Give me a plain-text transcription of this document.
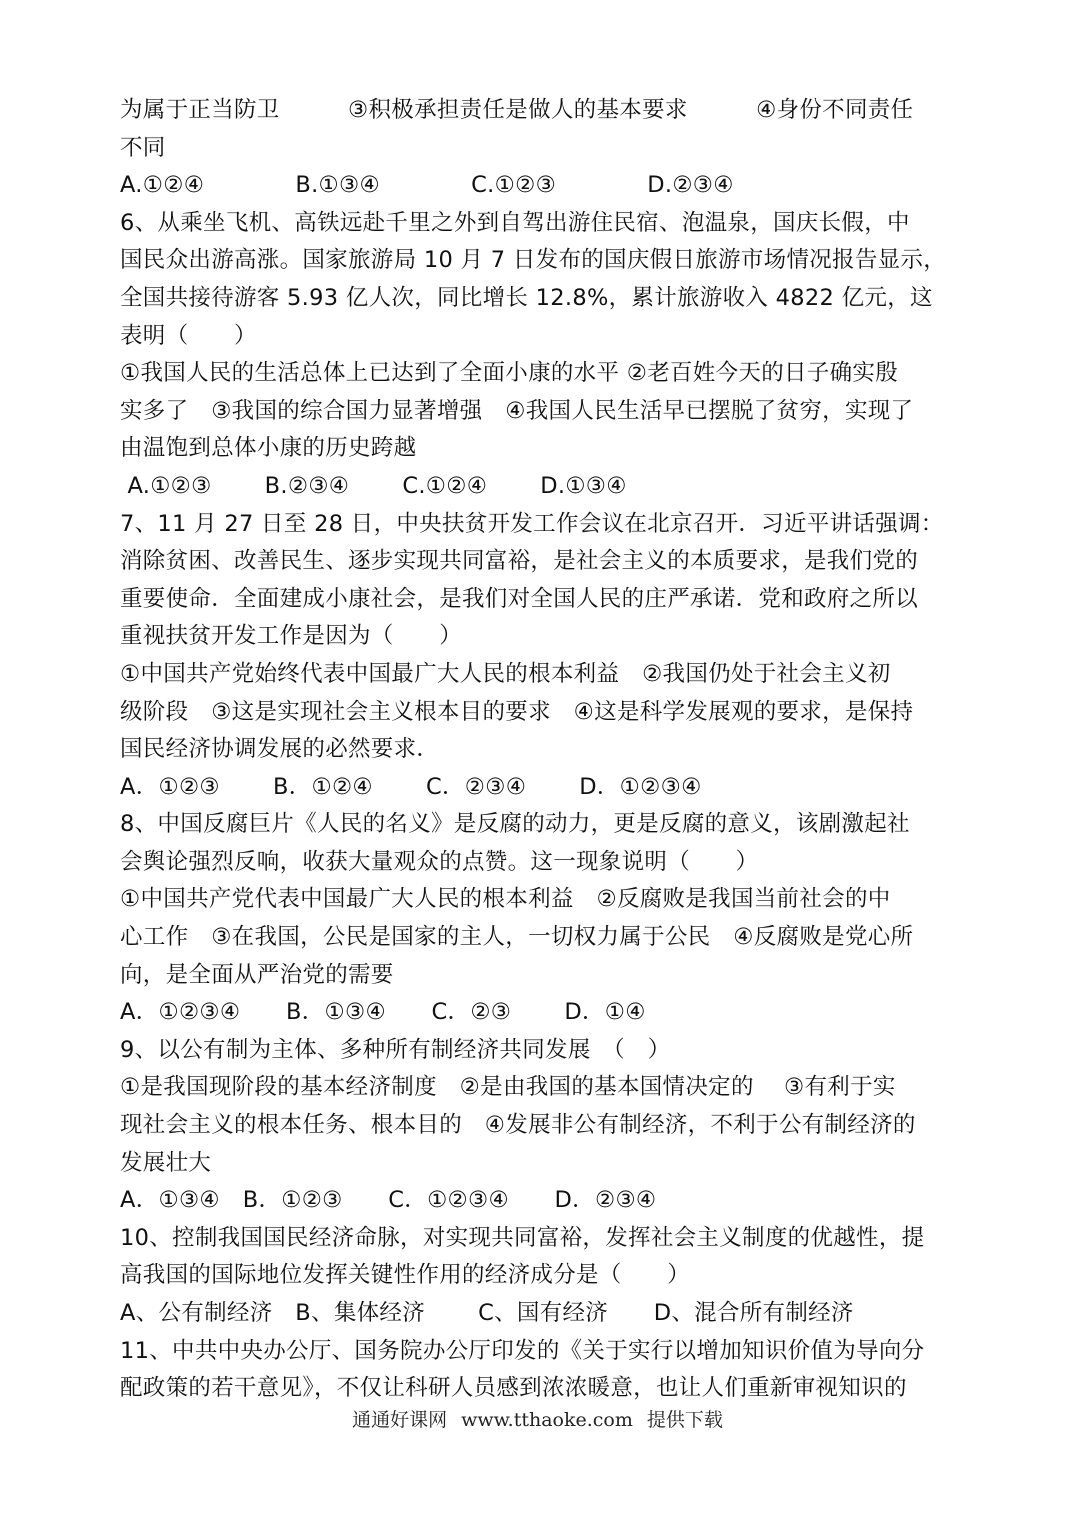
为属于正当防卫　　　③积极承担责任是做人的基本要求　　　④身份不同责任
不同
A.①②④　　　　B.①③④　　　　C.①②③　　　　D.②③④
6、从乘坐飞机、高铁远赴千里之外到自驾出游住民宿、泡温泉，国庆长假，中
国民众出游高涨。国家旅游局 10 月 7 日发布的国庆假日旅游市场情况报告显示，
全国共接待游客 5.93 亿人次，同比增长 12.8%，累计旅游收入 4822 亿元，这
表明（　　）
①我国人民的生活总体上已达到了全面小康的水平 ②老百姓今天的日子确实殷
实多了　③我国的综合国力显著增强　④我国人民生活早已摆脱了贫穷，实现了
由温饱到总体小康的历史跨越
A.①②③　　 B.②③④　　 C.①②④　　 D.①③④
7、11 月 27 日至 28 日，中央扶贫开发工作会议在北京召开．习近平讲话强调：
消除贫困、改善民生、逐步实现共同富裕，是社会主义的本质要求，是我们党的
重要使命．全面建成小康社会，是我们对全国人民的庄严承诺．党和政府之所以
重视扶贫开发工作是因为（　　）
①中国共产党始终代表中国最广大人民的根本利益　②我国仍处于社会主义初
级阶段　③这是实现社会主义根本目的要求　④这是科学发展观的要求，是保持
国民经济协调发展的必然要求．
A．①②③　　 B．①②④　　 C．②③④　　 D．①②③④
8、中国反腐巨片《人民的名义》是反腐的动力，更是反腐的意义，该剧激起社
会舆论强烈反响，收获大量观众的点赞。这一现象说明（　　）
①中国共产党代表中国最广大人民的根本利益　②反腐败是我国当前社会的中
心工作　③在我国，公民是国家的主人，一切权力属于公民　④反腐败是党心所
向，是全面从严治党的需要
A．①②③④　　B．①③④　　C．②③　　 D．①④
9、以公有制为主体、多种所有制经济共同发展　（　）
①是我国现阶段的基本经济制度　②是由我国的基本国情决定的　 ③有利于实
现社会主义的根本任务、根本目的　④发展非公有制经济，不利于公有制经济的
发展壮大
A．①③④　B．①②③　　C．①②③④　　D．②③④
10、控制我国国民经济命脉，对实现共同富裕，发挥社会主义制度的优越性，提
高我国的国际地位发挥关键性作用的经济成分是（　　）
A、公有制经济　B、集体经济　　 C、国有经济　　D、混合所有制经济
11、中共中央办公厅、国务院办公厅印发的《关于实行以增加知识价值为导向分
配政策的若干意见》，不仅让科研人员感到浓浓暖意，也让人们重新审视知识的
通通好课网 www.tthaoke.com 提供下载
